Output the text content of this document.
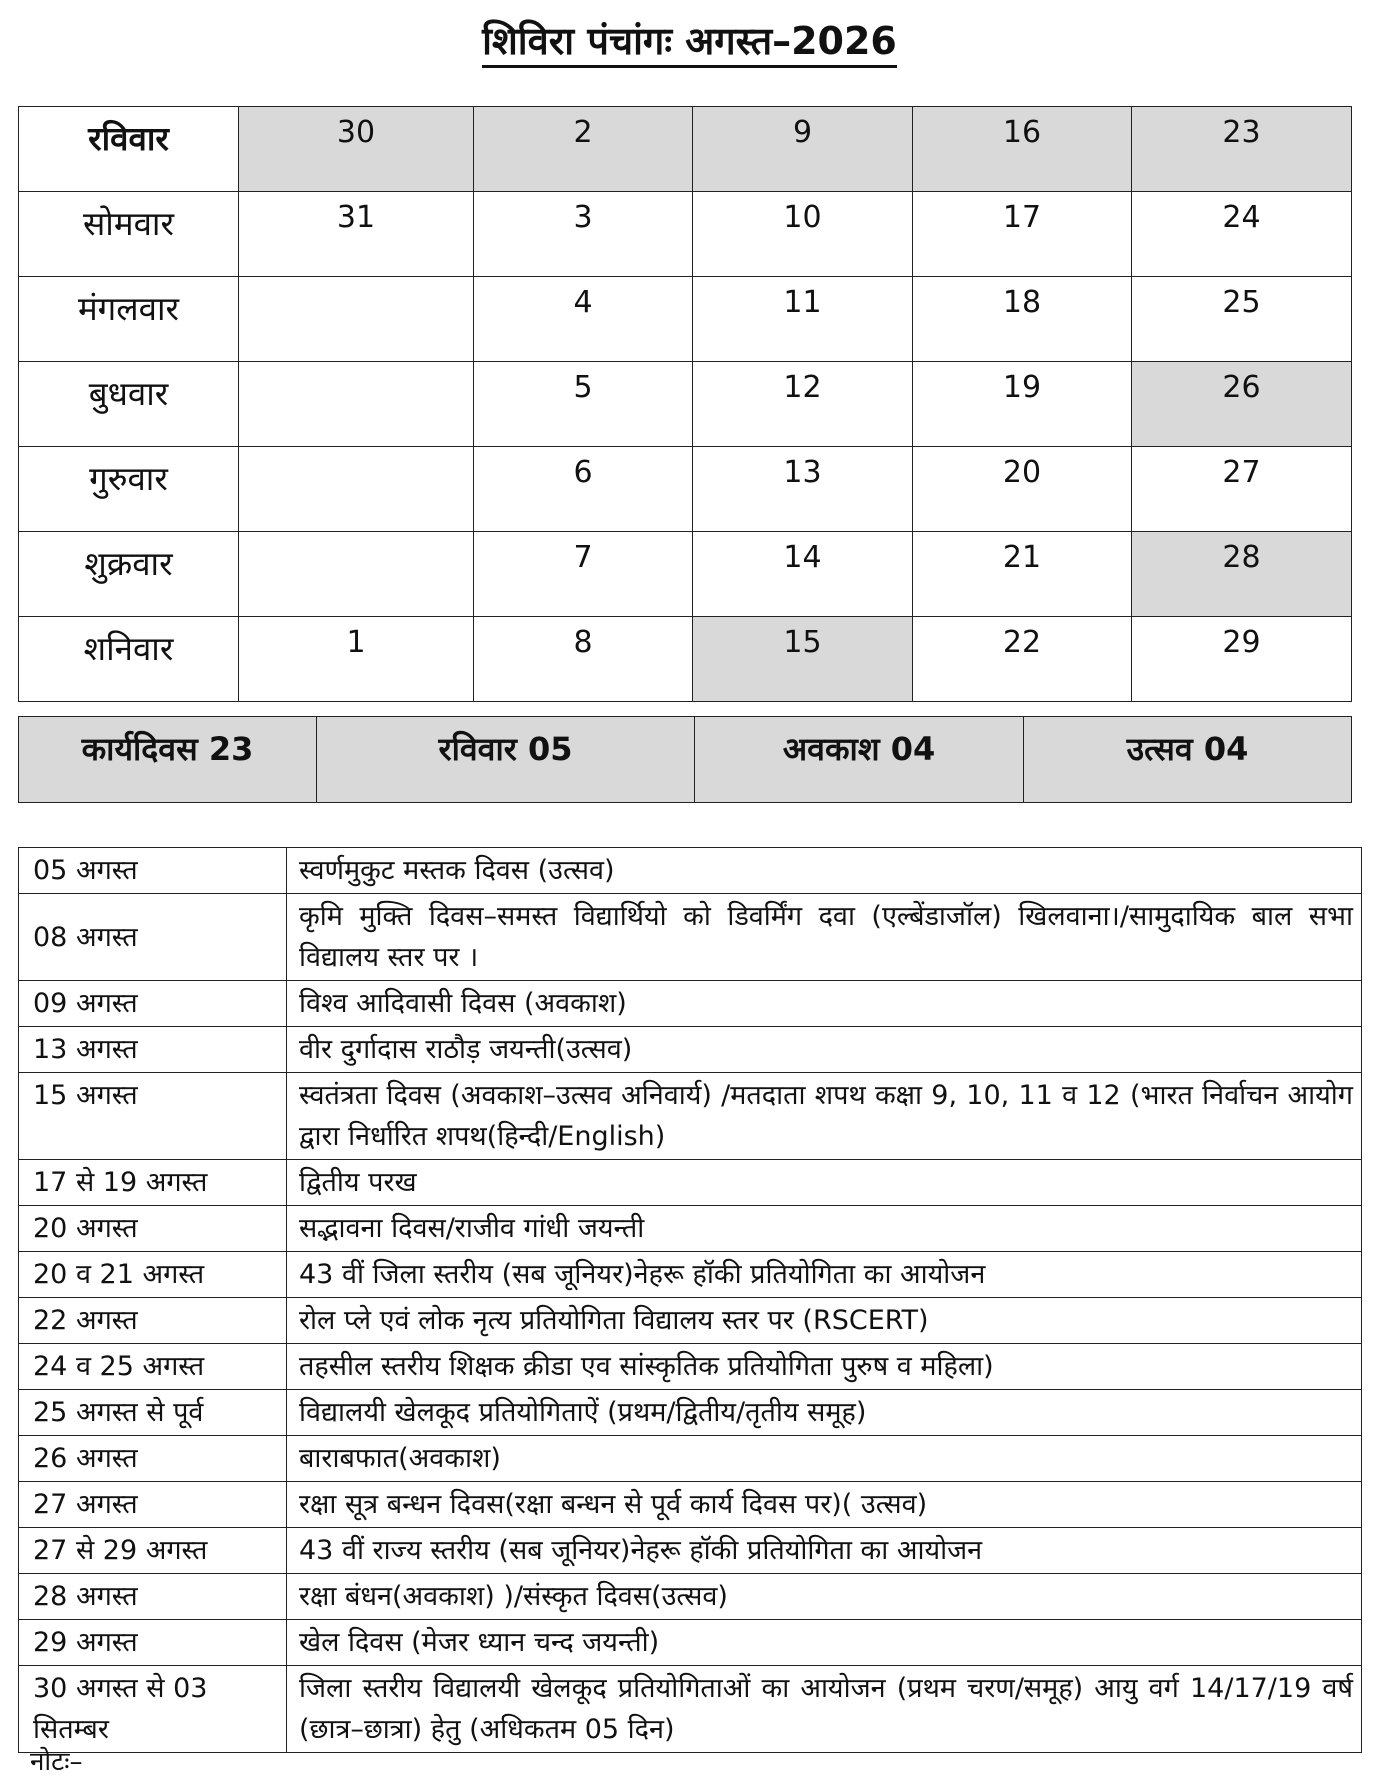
शिविरा पंचांगः अगस्त–2026
रविवार	30	2	9	16	23
सोमवार	31	3	10	17	24
मंगलवार		4	11	18	25
बुधवार		5	12	19	26
गुरुवार		6	13	20	27
शुक्रवार		7	14	21	28
शनिवार	1	8	15	22	29
कार्यदिवस 23	रविवार 05	अवकाश 04	उत्सव 04
05 अगस्त	स्वर्णमुकुट मस्तक दिवस (उत्सव)
08 अगस्त	कृमि मुक्ति दिवस–समस्त विद्यार्थियो को डिवर्मिंग दवा (एल्बेंडाजॉल) खिलवाना।/सामुदायिक बाल सभा विद्यालय स्तर पर ।
09 अगस्त	विश्व आदिवासी दिवस (अवकाश)
13 अगस्त	वीर दुर्गादास राठौड़ जयन्ती(उत्सव)
15 अगस्त	स्वतंत्रता दिवस (अवकाश–उत्सव अनिवार्य) /मतदाता शपथ कक्षा 9, 10, 11 व 12 (भारत निर्वाचन आयोग द्वारा निर्धारित शपथ(हिन्दी/English)
17 से 19 अगस्त	द्वितीय परख
20 अगस्त	सद्भावना दिवस/राजीव गांधी जयन्ती
20 व 21 अगस्त	43 वीं जिला स्तरीय (सब जूनियर)नेहरू हॉकी प्रतियोगिता का आयोजन
22 अगस्त	रोल प्ले एवं लोक नृत्य प्रतियोगिता विद्यालय स्तर पर (RSCERT)
24 व 25 अगस्त	तहसील स्तरीय शिक्षक क्रीडा एव सांस्कृतिक प्रतियोगिता पुरुष व महिला)
25 अगस्त से पूर्व	विद्यालयी खेलकूद प्रतियोगिताऐं (प्रथम/द्वितीय/तृतीय समूह)
26 अगस्त	बाराबफात(अवकाश)
27 अगस्त	रक्षा सूत्र बन्धन दिवस(रक्षा बन्धन से पूर्व कार्य दिवस पर)( उत्सव)
27 से 29 अगस्त	43 वीं राज्य स्तरीय (सब जूनियर)नेहरू हॉकी प्रतियोगिता का आयोजन
28 अगस्त	रक्षा बंधन(अवकाश) )/संस्कृत दिवस(उत्सव)
29 अगस्त	खेल दिवस (मेजर ध्यान चन्द जयन्ती)
30 अगस्त से 03 सितम्बर	जिला स्तरीय विद्यालयी खेलकूद प्रतियोगिताओं का आयोजन (प्रथम चरण/समूह) आयु वर्ग 14/17/19 वर्ष (छात्र–छात्रा) हेतु (अधिकतम 05 दिन)
नोटः–
